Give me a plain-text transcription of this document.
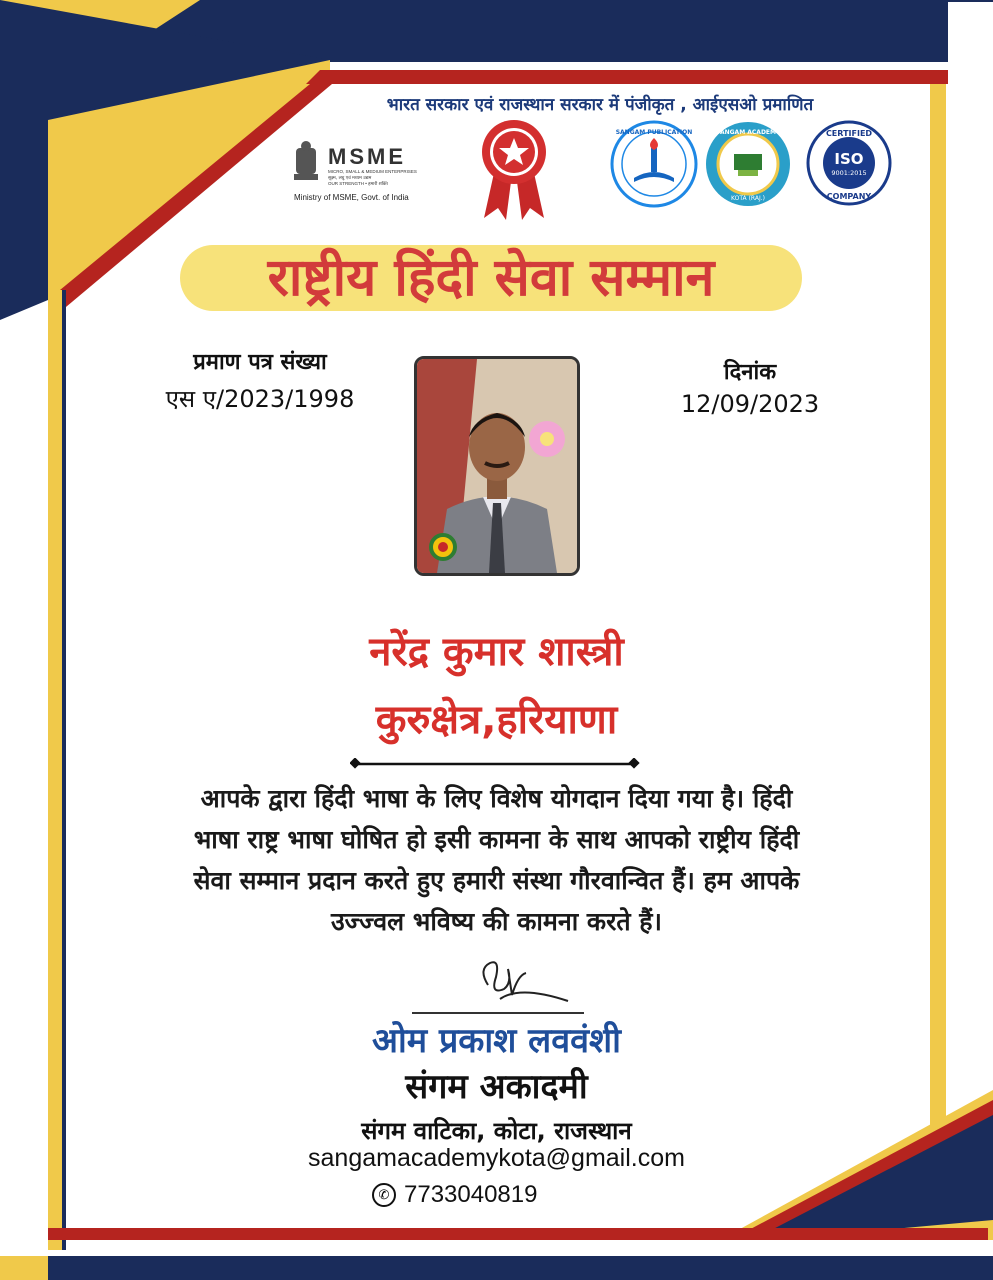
भारत सरकार एवं राजस्थान सरकार में पंजीकृत , आईएसओ प्रमाणित
MSME
MICRO, SMALL & MEDIUM ENTERPRISES
सूक्ष्म, लघु एवं मध्यम उद्यम
OUR STRENGTH • हमारी शक्ति
Ministry of MSME, Govt. of India
SANGAM PUBLICATION	SANGAM ACADEMY
KOTA (RAJ.)
CERTIFIED
ISO
9001:2015
COMPANY
राष्ट्रीय हिंदी सेवा सम्मान
प्रमाण पत्र संख्या
एस ए/2023/1998
दिनांक
12/09/2023
नरेंद्र कुमार शास्त्री
कुरुक्षेत्र,हरियाणा
आपके द्वारा हिंदी भाषा के लिए विशेष योगदान दिया गया है। हिंदी
भाषा राष्ट्र भाषा घोषित हो इसी कामना के साथ आपको राष्ट्रीय हिंदी
सेवा सम्मान प्रदान करते हुए हमारी संस्था गौरवान्वित हैं। हम आपके
उज्ज्वल भविष्य की कामना करते हैं।
ओम प्रकाश लववंशी
संगम अकादमी
संगम वाटिका, कोटा, राजस्थान
sangamacademykota@gmail.com
✆ 7733040819
